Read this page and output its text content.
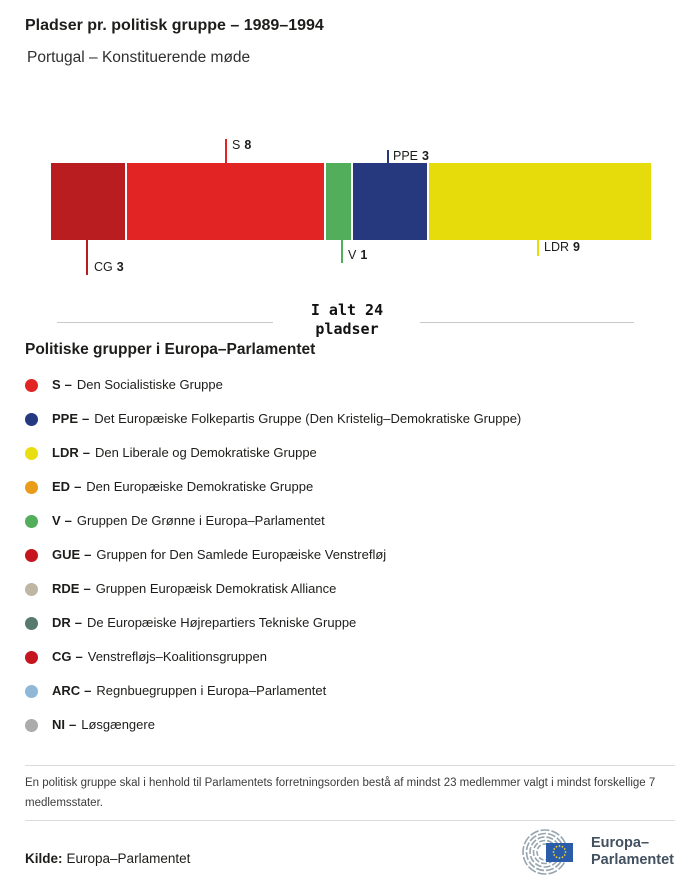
Pladser pr. politisk gruppe – 1989–1994
Portugal – Konstituerende møde
S 8
PPE 3
CG 3
V 1
LDR 9
I alt 24
pladser
Politiske grupper i Europa–Parlamentet
S – Den Socialistiske Gruppe
PPE – Det Europæiske Folkepartis Gruppe (Den Kristelig–Demokratiske Gruppe)
LDR – Den Liberale og Demokratiske Gruppe
ED – Den Europæiske Demokratiske Gruppe
V – Gruppen De Grønne i Europa–Parlamentet
GUE – Gruppen for Den Samlede Europæiske Venstrefløj
RDE – Gruppen Europæisk Demokratisk Alliance
DR – De Europæiske Højrepartiers Tekniske Gruppe
CG – Venstrefløjs–Koalitionsgruppen
ARC – Regnbuegruppen i Europa–Parlamentet
NI – Løsgængere
En politisk gruppe skal i henhold til Parlamentets forretningsorden bestå af mindst 23 medlemmer valgt i mindst forskellige 7 medlemsstater.
Kilde: Europa–Parlamentet
Europa–
Parlamentet
